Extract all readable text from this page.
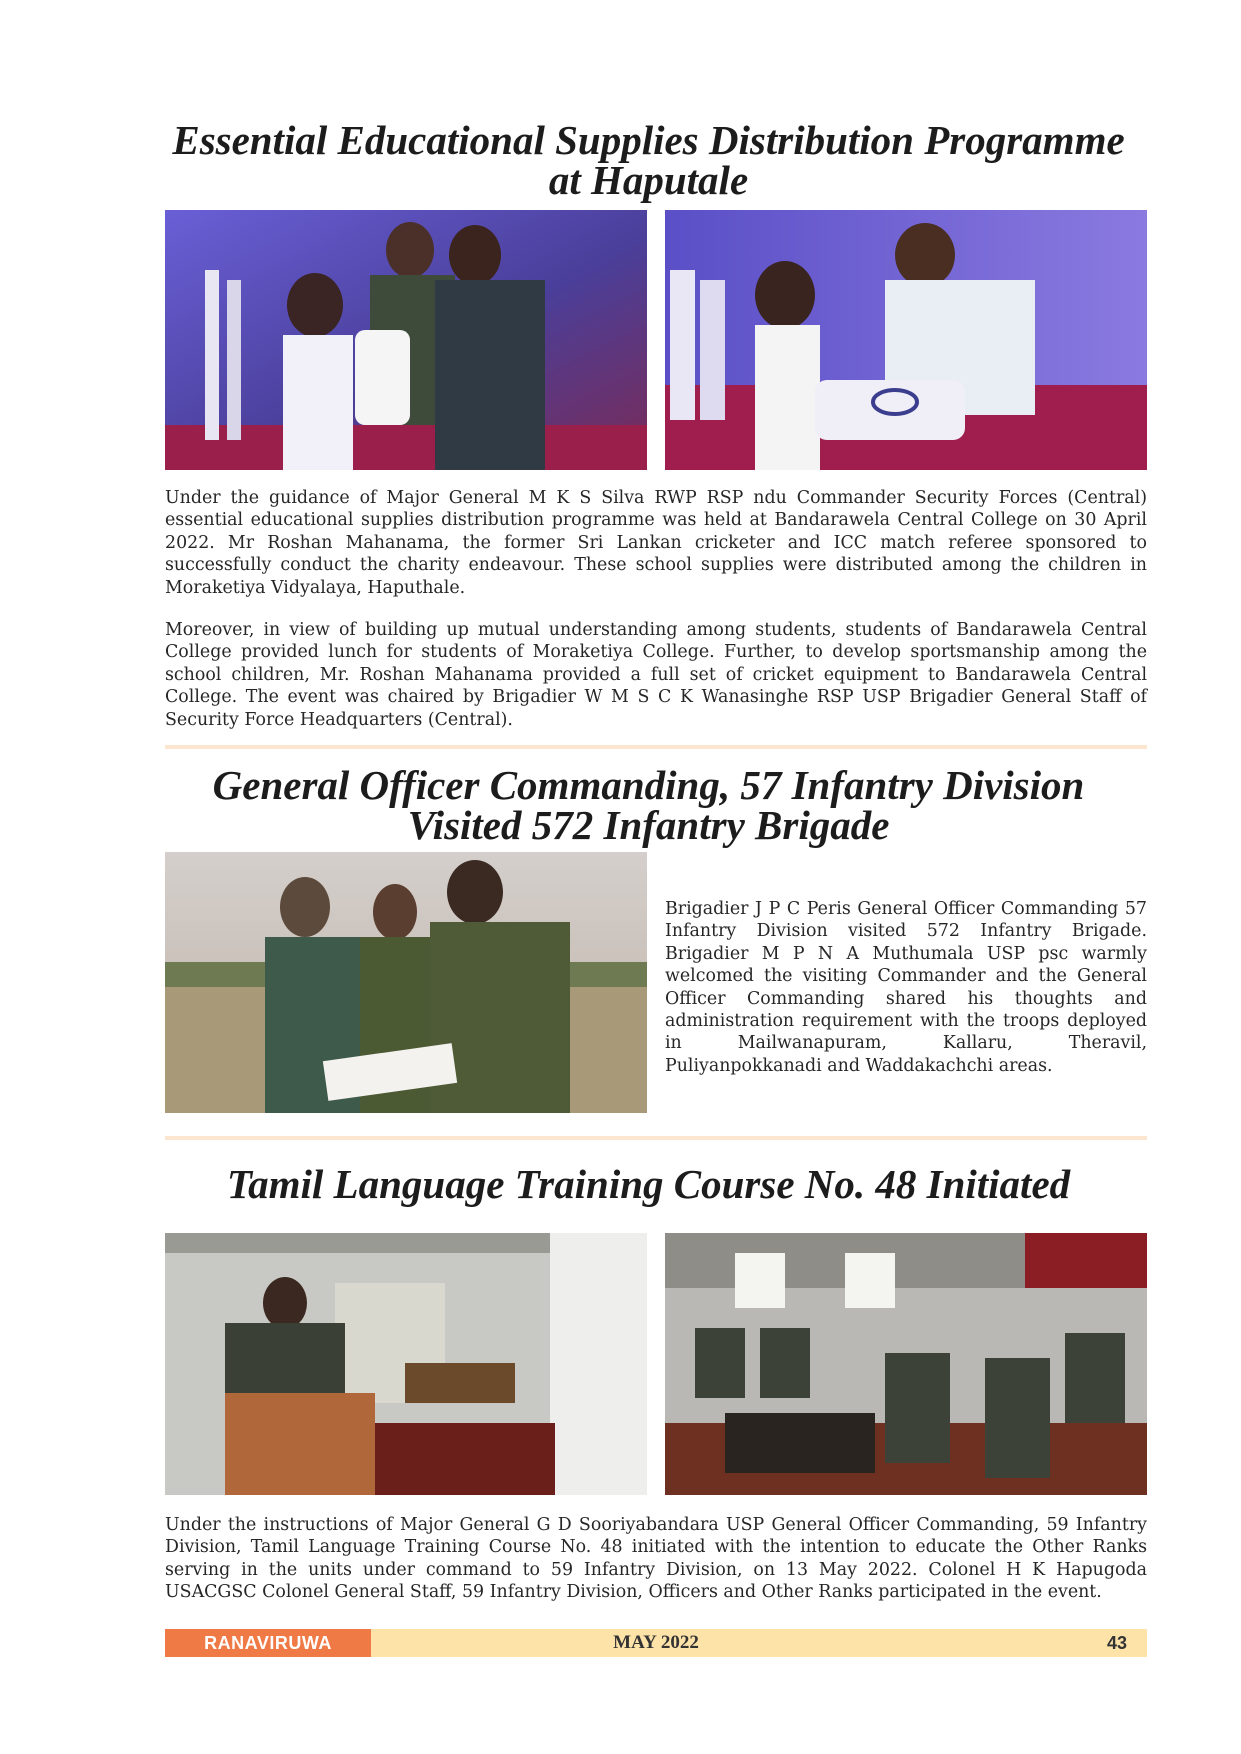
Essential Educational Supplies Distribution Programme
at Haputale

Under the guidance of Major General M K S Silva RWP RSP ndu Commander Security Forces (Central) essential educational supplies distribution programme was held at Bandarawela Central College on 30 April 2022. Mr Roshan Mahanama, the former Sri Lankan cricketer and ICC match referee sponsored to successfully conduct the charity endeavour. These school supplies were distributed among the children in Moraketiya Vidyalaya, Haputhale.

Moreover, in view of building up mutual understanding among students, students of Bandarawela Central College provided lunch for students of Moraketiya College. Further, to develop sportsmanship among the school children, Mr. Roshan Mahanama provided a full set of cricket equipment to Bandarawela Central College. The event was chaired by Brigadier W M S C K Wanasinghe RSP USP Brigadier General Staff of Security Force Headquarters (Central).

General Officer Commanding, 57 Infantry Division
Visited 572 Infantry Brigade

Brigadier J P C Peris General Officer Commanding 57 Infantry Division visited 572 Infantry Brigade. Brigadier M P N A Muthumala USP psc warmly welcomed the visiting Commander and the General Officer Commanding shared his thoughts and administration requirement with the troops deployed in Mailwanapuram, Kallaru, Theravil, Puliyanpokkanadi and Waddakachchi areas.

Tamil Language Training Course No. 48 Initiated

Under the instructions of Major General G D Sooriyabandara USP General Officer Commanding, 59 Infantry Division, Tamil Language Training Course No. 48 initiated with the intention to educate the Other Ranks serving in the units under command to 59 Infantry Division, on 13 May 2022. Colonel H K Hapugoda USACGSC Colonel General Staff, 59 Infantry Division, Officers and Other Ranks participated in the event.

MAY 2022
RANAVIRUWA	43
